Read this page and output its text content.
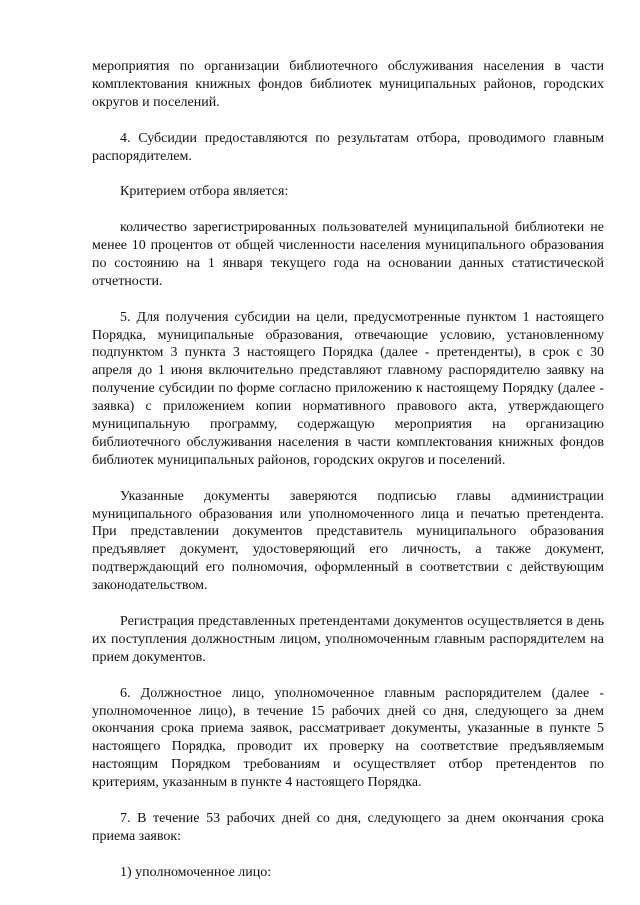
мероприятия по организации библиотечного обслуживания населения в части комплектования книжных фондов библиотек муниципальных районов, городских округов и поселений.

4. Субсидии предоставляются по результатам отбора, проводимого главным распорядителем.

Критерием отбора является:

количество зарегистрированных пользователей муниципальной библиотеки не менее 10 процентов от общей численности населения муниципального образования по состоянию на 1 января текущего года на основании данных статистической отчетности.

5. Для получения субсидии на цели, предусмотренные пунктом 1 настоящего Порядка, муниципальные образования, отвечающие условию, установленному подпунктом 3 пункта 3 настоящего Порядка (далее - претенденты), в срок с 30 апреля до 1 июня включительно представляют главному распорядителю заявку на получение субсидии по форме согласно приложению к настоящему Порядку (далее - заявка) с приложением копии нормативного правового акта, утверждающего муниципальную программу, содержащую мероприятия на организацию библиотечного обслуживания населения в части комплектования книжных фондов библиотек муниципальных районов, городских округов и поселений.

Указанные документы заверяются подписью главы администрации муниципального образования или уполномоченного лица и печатью претендента. При представлении документов представитель муниципального образования предъявляет документ, удостоверяющий его личность, а также документ, подтверждающий его полномочия, оформленный в соответствии с действующим законодательством.

Регистрация представленных претендентами документов осуществляется в день их поступления должностным лицом, уполномоченным главным распорядителем на прием документов.

6. Должностное лицо, уполномоченное главным распорядителем (далее - уполномоченное лицо), в течение 15 рабочих дней со дня, следующего за днем окончания срока приема заявок, рассматривает документы, указанные в пункте 5 настоящего Порядка, проводит их проверку на соответствие предъявляемым настоящим Порядком требованиям и осуществляет отбор претендентов по критериям, указанным в пункте 4 настоящего Порядка.

7. В течение 53 рабочих дней со дня, следующего за днем окончания срока приема заявок:

1) уполномоченное лицо:
